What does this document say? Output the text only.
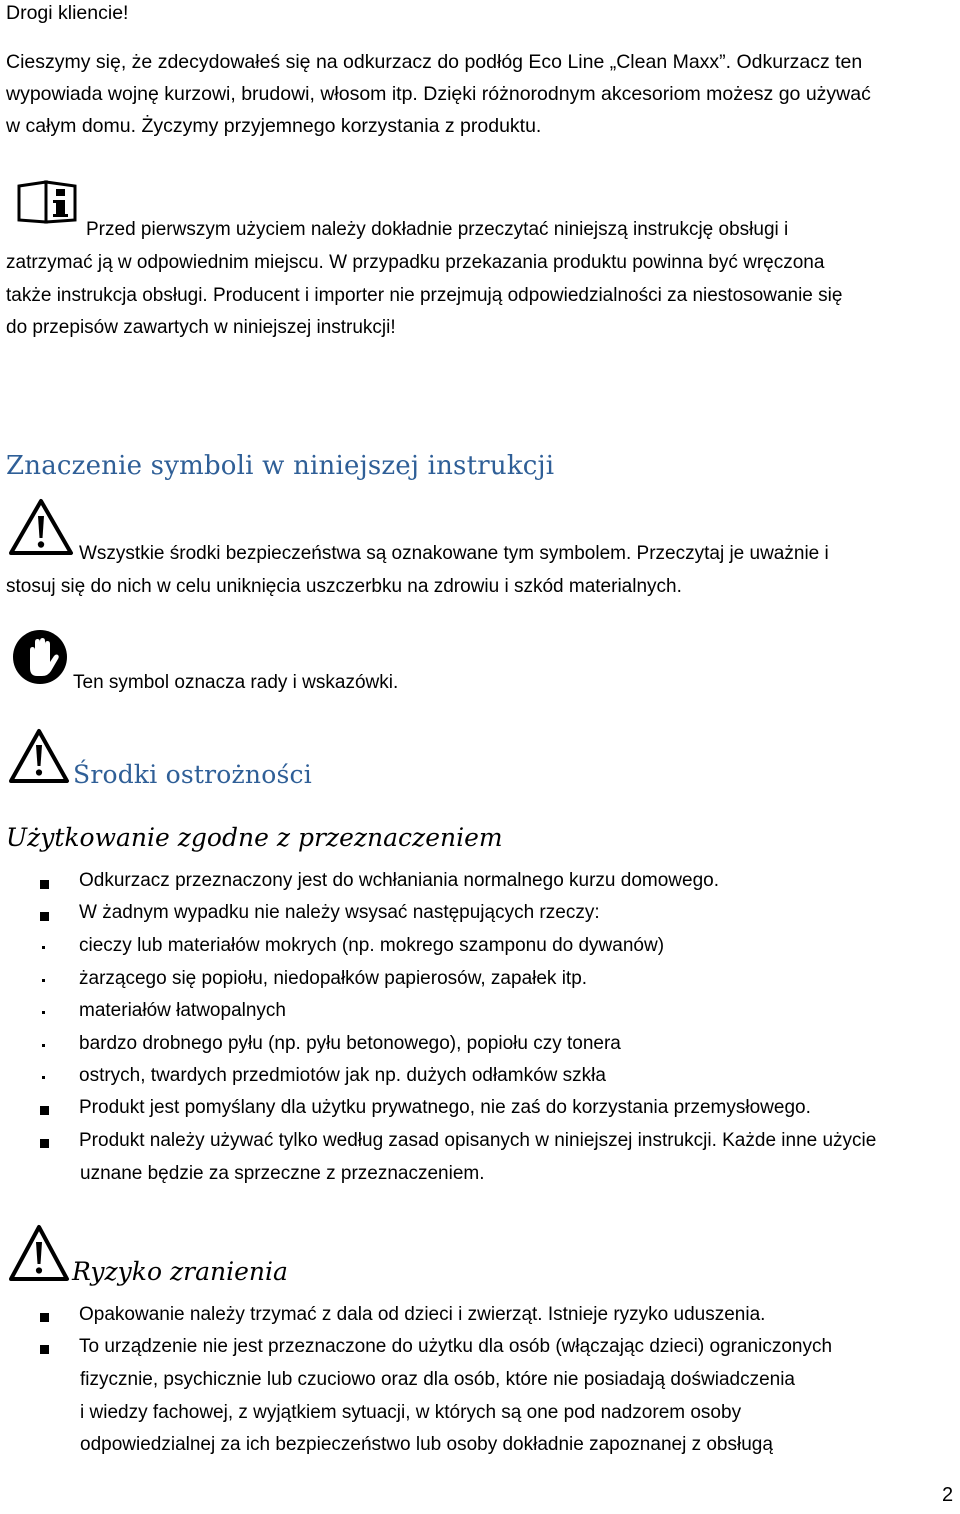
Drogi kliencie!
Cieszymy się, że zdecydowałeś się na odkurzacz do podłóg Eco Line „Clean Maxx”. Odkurzacz ten
wypowiada wojnę kurzowi, brudowi, włosom itp. Dzięki różnorodnym akcesoriom możesz go używać
w całym domu. Życzymy przyjemnego korzystania z produktu.
Przed pierwszym użyciem należy dokładnie przeczytać niniejszą instrukcję obsługi i
zatrzymać ją w odpowiednim miejscu. W przypadku przekazania produktu powinna być wręczona
także instrukcja obsługi. Producent i importer nie przejmują odpowiedzialności za niestosowanie się
do przepisów zawartych w niniejszej instrukcji!
Znaczenie symboli w niniejszej instrukcji
Wszystkie środki bezpieczeństwa są oznakowane tym symbolem. Przeczytaj je uważnie i
stosuj się do nich w celu uniknięcia uszczerbku na zdrowiu i szkód materialnych.
Ten symbol oznacza rady i wskazówki.
Środki ostrożności
Użytkowanie zgodne z przeznaczeniem
Odkurzacz przeznaczony jest do wchłaniania normalnego kurzu domowego.
W żadnym wypadku nie należy wsysać następujących rzeczy:
cieczy lub materiałów mokrych (np. mokrego szamponu do dywanów)
żarzącego się popiołu, niedopałków papierosów, zapałek itp.
materiałów łatwopalnych
bardzo drobnego pyłu (np. pyłu betonowego), popiołu czy tonera
ostrych, twardych przedmiotów jak np. dużych odłamków szkła
Produkt jest pomyślany dla użytku prywatnego, nie zaś do korzystania przemysłowego.
Produkt należy używać tylko według zasad opisanych w niniejszej instrukcji. Każde inne użycie
uznane będzie za sprzeczne z przeznaczeniem.
Ryzyko zranienia
Opakowanie należy trzymać z dala od dzieci i zwierząt. Istnieje ryzyko uduszenia.
To urządzenie nie jest przeznaczone do użytku dla osób (włączając dzieci) ograniczonych
fizycznie, psychicznie lub czuciowo oraz dla osób, które nie posiadają doświadczenia
i wiedzy fachowej, z wyjątkiem sytuacji, w których są one pod nadzorem osoby
odpowiedzialnej za ich bezpieczeństwo lub osoby dokładnie zapoznanej z obsługą
2
